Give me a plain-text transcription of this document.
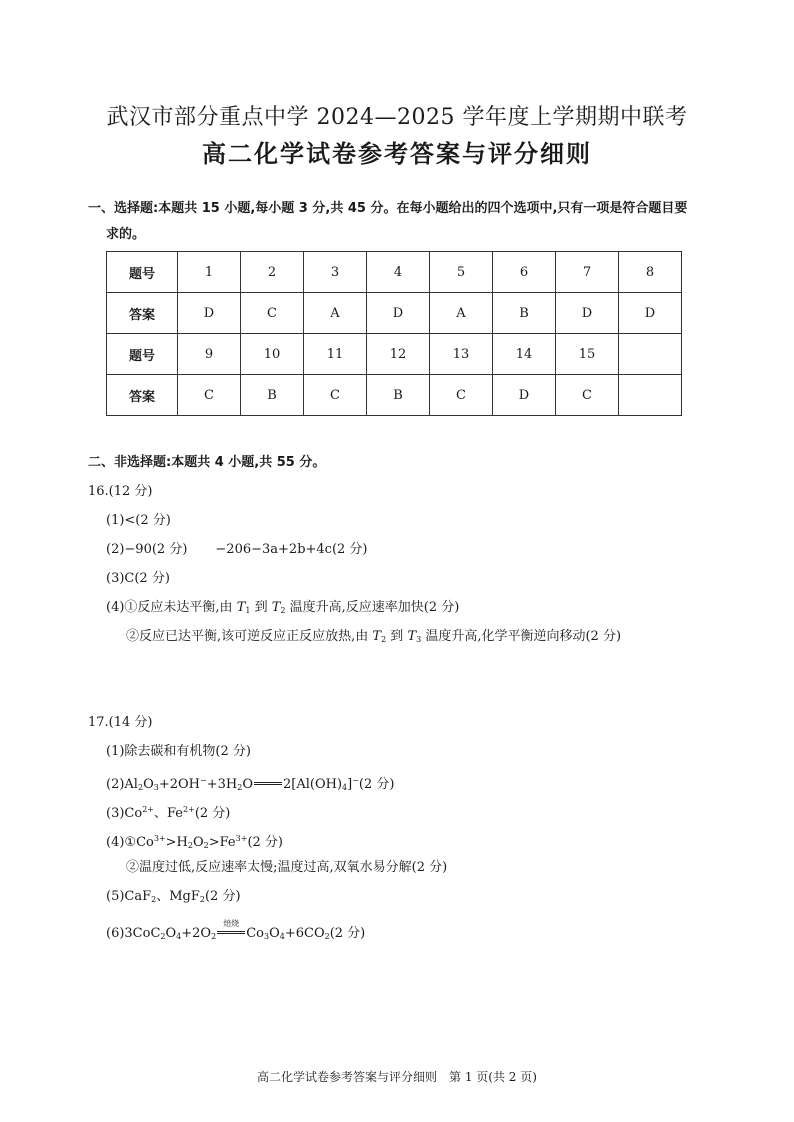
武汉市部分重点中学 2024—2025 学年度上学期期中联考
高二化学试卷参考答案与评分细则
一、选择题:本题共 15 小题,每小题 3 分,共 45 分。在每小题给出的四个选项中,只有一项是符合题目要
求的。
题号	1	2	3	4	5	6	7	8
答案	D	C	A	D	A	B	D	D
题号	9	10	11	12	13	14	15	
答案	C	B	C	B	C	D	C	
二、非选择题:本题共 4 小题,共 55 分。
16.(12 分)
(1)<(2 分)
(2)−90(2 分) −206−3a+2b+4c(2 分)
(3)C(2 分)
(4)①反应未达平衡,由 $T_1$ 到 $T_2$ 温度升高,反应速率加快(2 分)
②反应已达平衡,该可逆反应正反应放热,由 $T_2$ 到 $T_3$ 温度升高,化学平衡逆向移动(2 分)
17.(14 分)
(1)除去碳和有机物(2 分)
$(2)Al_2O_3+2OH^-+3H_2O$ $2[Al(OH)_4]^-(2$ 分)
$(3)Co^{2+}$、$Fe^{2+}(2$ 分)
$(4)①Co^{3+}>H_2O_2>Fe^{3+}(2$ 分)
②温度过低,反应速率太慢;温度过高,双氧水易分解(2 分)
(5)CaF$_2$、MgF$_2$(2 分)
$(6)3CoC_2O_4+2O_2$
焙烧
$Co_3O_4+6CO_2(2$ 分)
高二化学试卷参考答案与评分细则　第 1 页(共 2 页)
